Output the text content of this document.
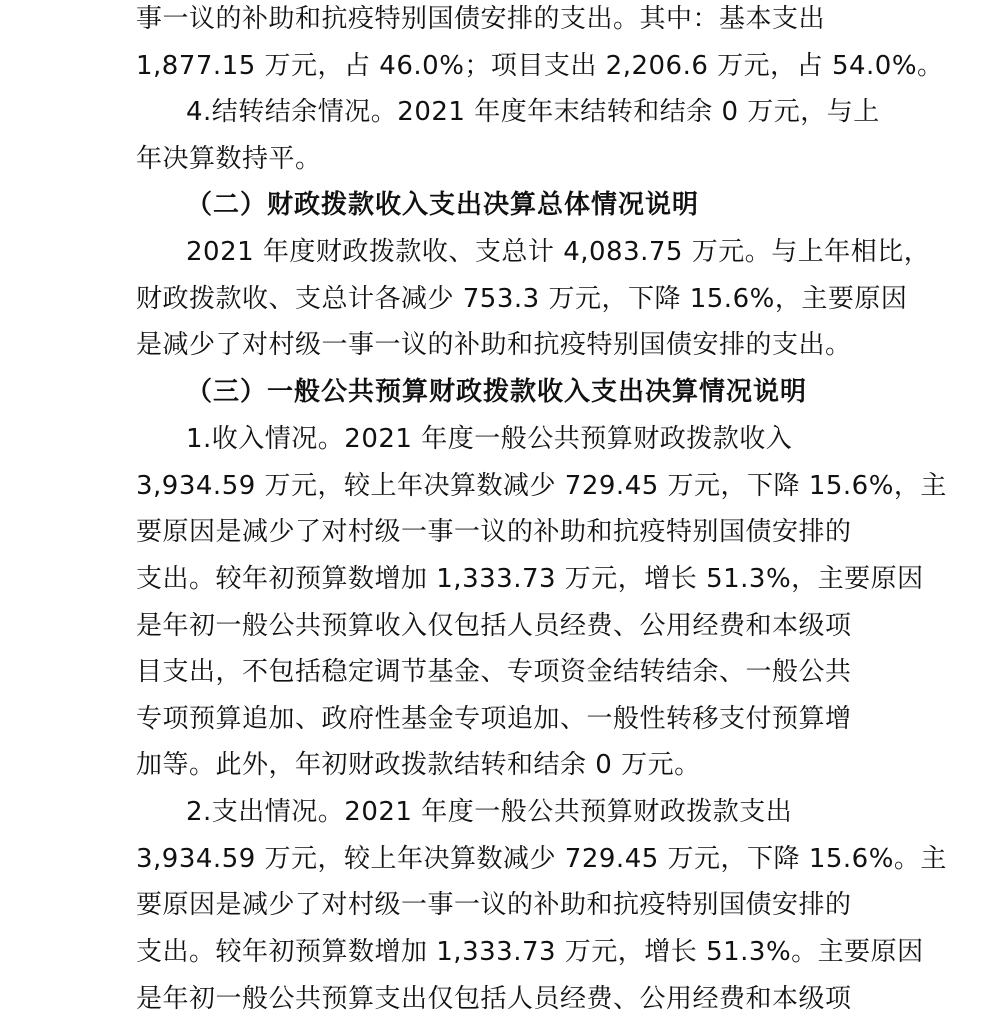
事一议的补助和抗疫特别国债安排的支出。其中：基本支出
1,877.15 万元，占 46.0%；项目支出 2,206.6 万元，占 54.0%。
4.结转结余情况。2021 年度年末结转和结余 0 万元，与上
年决算数持平。
（二）财政拨款收入支出决算总体情况说明
2021 年度财政拨款收、支总计 4,083.75 万元。与上年相比，
财政拨款收、支总计各减少 753.3 万元，下降 15.6%，主要原因
是减少了对村级一事一议的补助和抗疫特别国债安排的支出。
（三）一般公共预算财政拨款收入支出决算情况说明
1.收入情况。2021 年度一般公共预算财政拨款收入
3,934.59 万元，较上年决算数减少 729.45 万元，下降 15.6%，主
要原因是减少了对村级一事一议的补助和抗疫特别国债安排的
支出。较年初预算数增加 1,333.73 万元，增长 51.3%，主要原因
是年初一般公共预算收入仅包括人员经费、公用经费和本级项
目支出，不包括稳定调节基金、专项资金结转结余、一般公共
专项预算追加、政府性基金专项追加、一般性转移支付预算增
加等。此外，年初财政拨款结转和结余 0 万元。
2.支出情况。2021 年度一般公共预算财政拨款支出
3,934.59 万元，较上年决算数减少 729.45 万元，下降 15.6%。主
要原因是减少了对村级一事一议的补助和抗疫特别国债安排的
支出。较年初预算数增加 1,333.73 万元，增长 51.3%。主要原因
是年初一般公共预算支出仅包括人员经费、公用经费和本级项
